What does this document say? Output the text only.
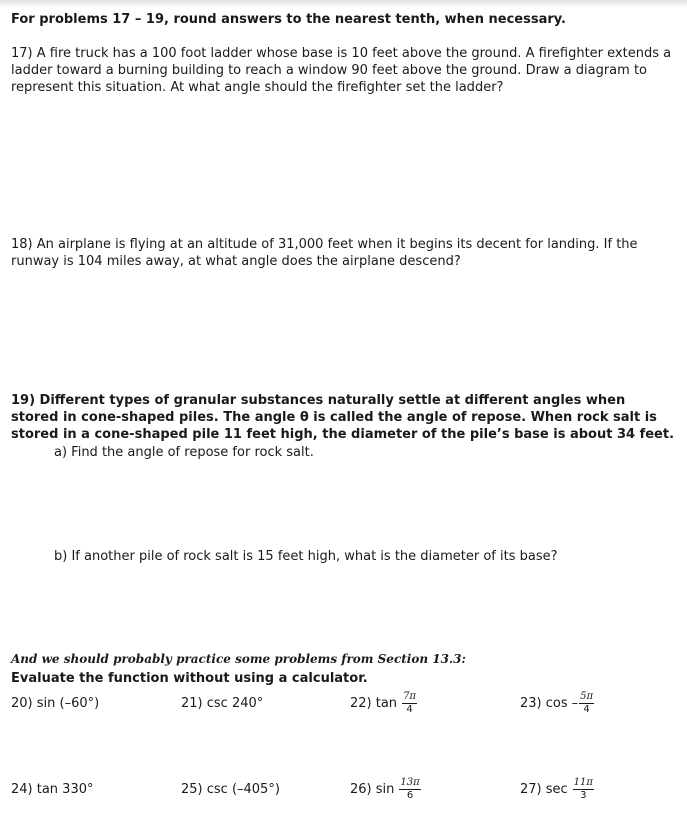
For problems 17 – 19, round answers to the nearest tenth, when necessary.

17) A fire truck has a 100 foot ladder whose base is 10 feet above the ground. A firefighter extends a ladder toward a burning building to reach a window 90 feet above the ground. Draw a diagram to represent this situation. At what angle should the firefighter set the ladder?

18) An airplane is flying at an altitude of 31,000 feet when it begins its decent for landing. If the runway is 104 miles away, at what angle does the airplane descend?

19) Different types of granular substances naturally settle at different angles when stored in cone-shaped piles. The angle θ is called the angle of repose. When rock salt is stored in a cone-shaped pile 11 feet high, the diameter of the pile’s base is about 34 feet.

a) Find the angle of repose for rock salt.

b) If another pile of rock salt is 15 feet high, what is the diameter of its base?

And we should probably practice some problems from Section 13.3:

Evaluate the function without using a calculator.

20) sin (–60°)	21) csc 240°	22) $\tan \frac{7\pi}{4}$	23) cos – $\frac{5\pi}{4}$
24) tan 330°	25) csc (–405°)	26) $\sin \frac{13\pi}{6}$	27) $\sec \frac{11\pi}{3}$
